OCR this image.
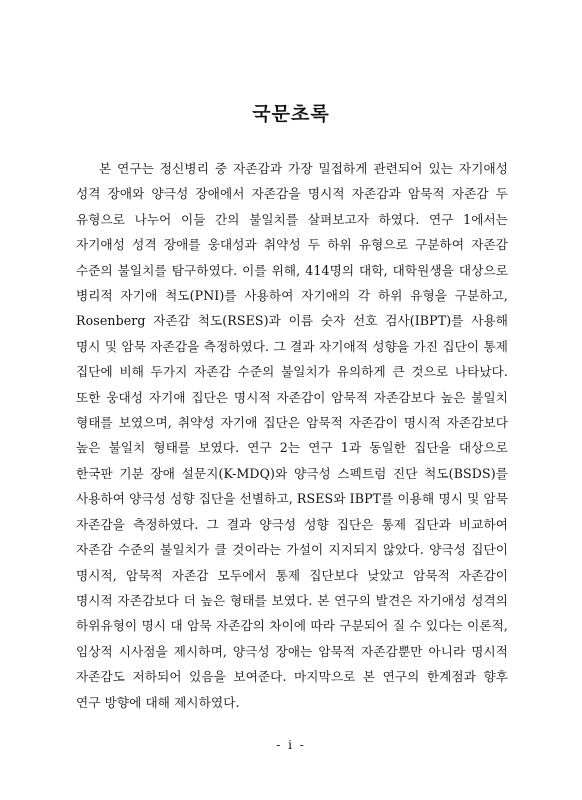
국문초록

본 연구는 정신병리 중 자존감과 가장 밀접하게 관련되어 있는 자기애성 성격 장애와 양극성 장애에서 자존감을 명시적 자존감과 암묵적 자존감 두 유형으로 나누어 이들 간의 불일치를 살펴보고자 하였다. 연구 1에서는 자기애성 성격 장애를 웅대성과 취약성 두 하위 유형으로 구분하여 자존감 수준의 불일치를 탐구하였다. 이를 위해, 414명의 대학, 대학원생을 대상으로 병리적 자기애 척도(PNI)를 사용하여 자기애의 각 하위 유형을 구분하고, Rosenberg 자존감 척도(RSES)과 이름 숫자 선호 검사(IBPT)를 사용해 명시 및 암묵 자존감을 측정하였다. 그 결과 자기애적 성향을 가진 집단이 통제 집단에 비해 두가지 자존감 수준의 불일치가 유의하게 큰 것으로 나타났다. 또한 웅대성 자기애 집단은 명시적 자존감이 암묵적 자존감보다 높은 불일치 형태를 보였으며, 취약성 자기애 집단은 암묵적 자존감이 명시적 자존감보다 높은 불일치 형태를 보였다. 연구 2는 연구 1과 동일한 집단을 대상으로 한국판 기분 장애 설문지(K-MDQ)와 양극성 스펙트럼 진단 척도(BSDS)를 사용하여 양극성 성향 집단을 선별하고, RSES와 IBPT를 이용해 명시 및 암묵 자존감을 측정하였다. 그 결과 양극성 성향 집단은 통제 집단과 비교하여 자존감 수준의 불일치가 클 것이라는 가설이 지지되지 않았다. 양극성 집단이 명시적, 암묵적 자존감 모두에서 통제 집단보다 낮았고 암묵적 자존감이 명시적 자존감보다 더 높은 형태를 보였다. 본 연구의 발견은 자기애성 성격의 하위유형이 명시 대 암묵 자존감의 차이에 따라 구분되어 질 수 있다는 이론적, 임상적 시사점을 제시하며, 양극성 장애는 암묵적 자존감뿐만 아니라 명시적 자존감도 저하되어 있음을 보여준다. 마지막으로 본 연구의 한계점과 향후 연구 방향에 대해 제시하였다.

- i -
